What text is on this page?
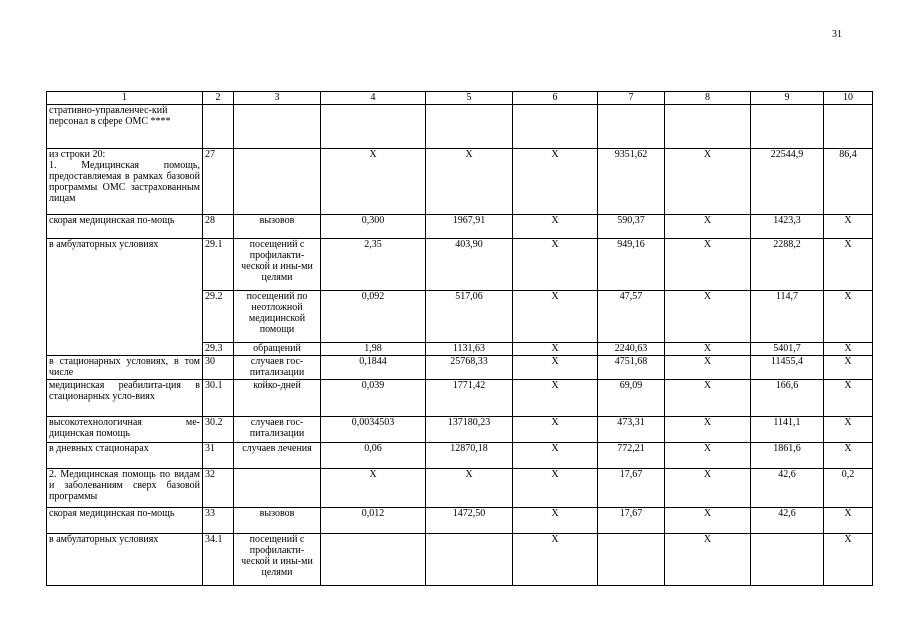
31
1	2	3	4	5	6	7	8	9	10
стративно-управленчес-кий персонал в сфере ОМС ****									
из строки 20:
1. Медицинская помощь, предоставляемая в рамках базовой программы ОМС застрахованным лицам	27		X	X	X	9351,62	X	22544,9	86,4
скорая медицинская по-мощь	28	вызовов	0,300	1967,91	X	590,37	X	1423,3	X
в амбулаторных условиях	29.1	посещений с профилакти-ческой и ины-ми целями	2,35	403,90	X	949,16	X	2288,2	X
	29.2	посещений по неотложной медицинской помощи	0,092	517,06	X	47,57	X	114,7	X
	29.3	обращений	1,98	1131,63	X	2240,63	X	5401,7	X
в стационарных условиях, в том числе	30	случаев гос-питализации	0,1844	25768,33	X	4751,68	X	11455,4	X
медицинская реабилита-ция в стационарных усло-виях	30.1	койко-дней	0,039	1771,42	X	69,09	X	166,6	X
высокотехнологичная ме-дицинская помощь	30.2	случаев гос-питализации	0,0034503	137180,23	X	473,31	X	1141,1	X
в дневных стационарах	31	случаев лечения	0,06	12870,18	X	772,21	X	1861,6	X
2. Медицинская помощь по видам и заболеваниям сверх базовой программы	32		X	X	X	17,67	X	42,6	0,2
скорая медицинская по-мощь	33	вызовов	0,012	1472,50	X	17,67	X	42,6	X
в амбулаторных условиях	34.1	посещений с профилакти-ческой и ины-ми целями			X		X		X
